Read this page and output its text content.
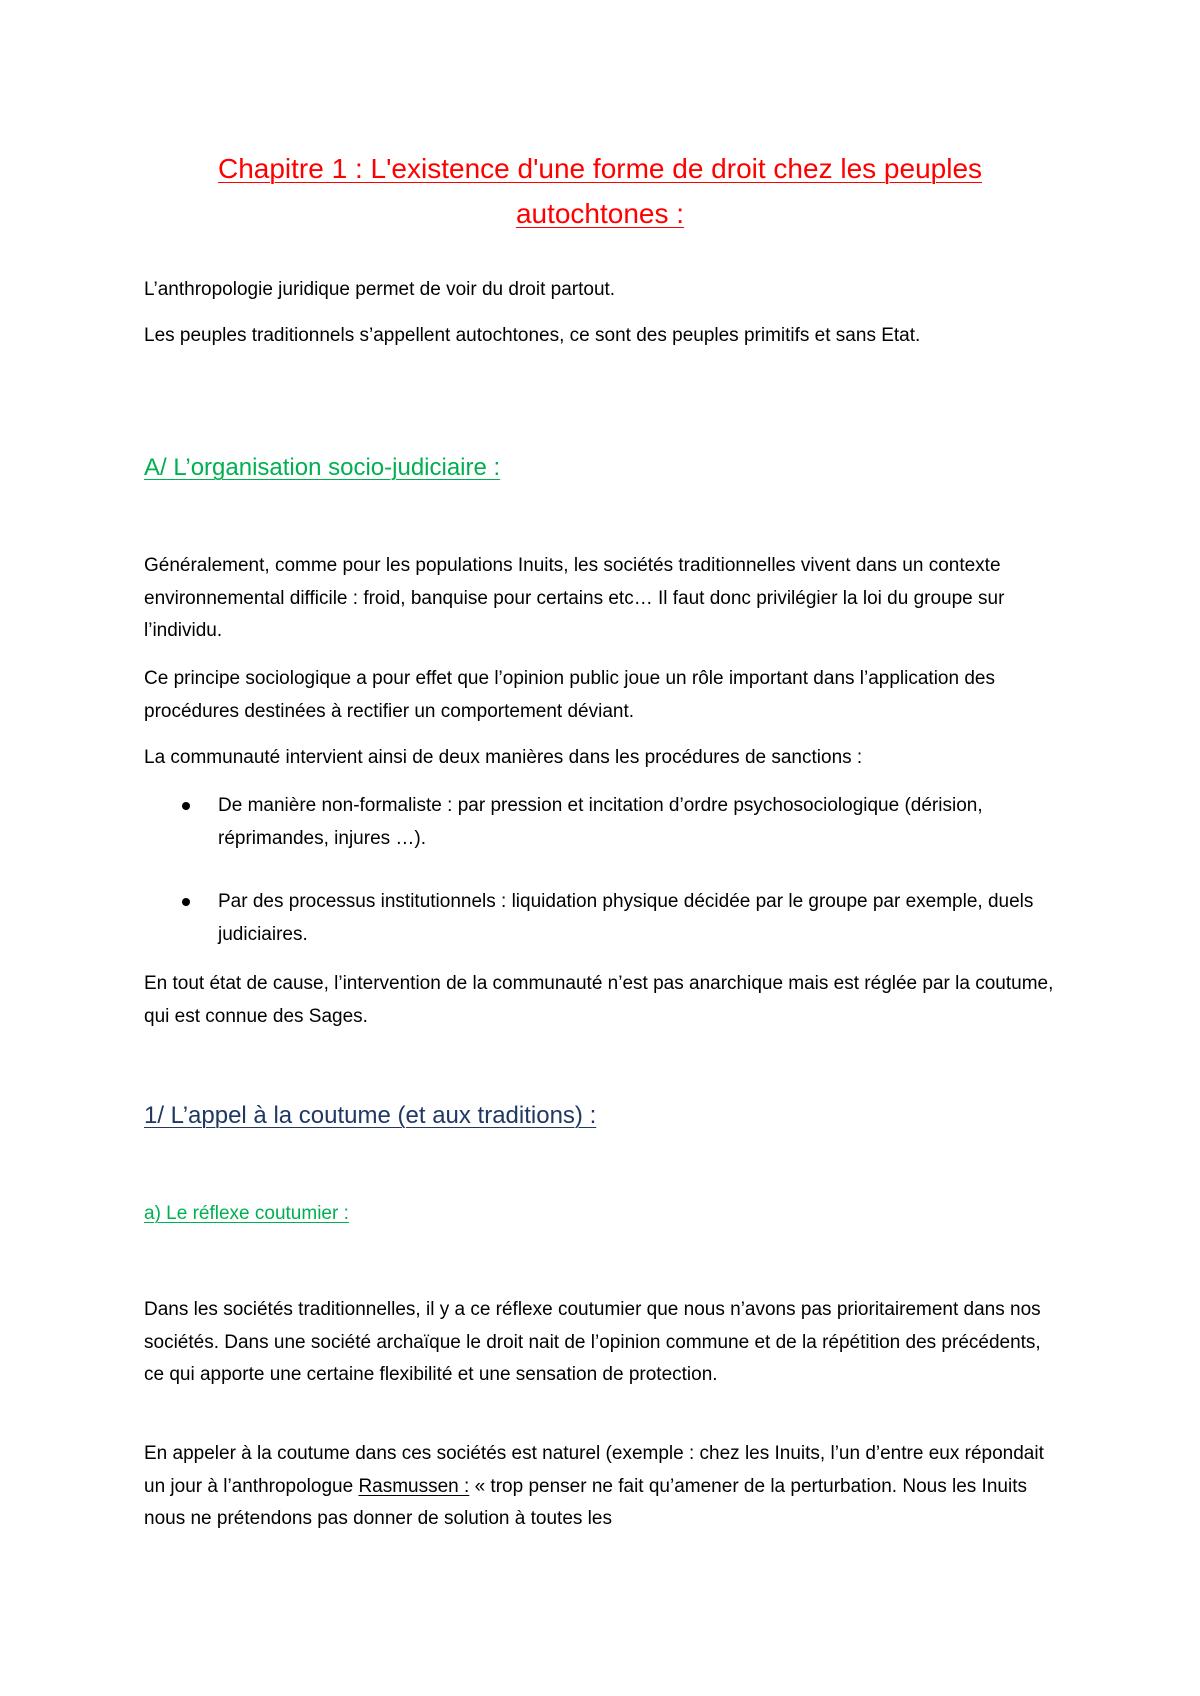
Chapitre 1 : L'existence d'une forme de droit chez les peuples autochtones :
L’anthropologie juridique permet de voir du droit partout.
Les peuples traditionnels s’appellent autochtones, ce sont des peuples primitifs et sans Etat.
A/ L’organisation socio-judiciaire :
Généralement, comme pour les populations Inuits, les sociétés traditionnelles vivent dans un contexte environnemental difficile : froid, banquise pour certains etc… Il faut donc privilégier la loi du groupe sur l’individu.
Ce principe sociologique a pour effet que l’opinion public joue un rôle important dans l’application des procédures destinées à rectifier un comportement déviant.
La communauté intervient ainsi de deux manières dans les procédures de sanctions :
De manière non-formaliste : par pression et incitation d’ordre psychosociologique (dérision, réprimandes, injures …).
Par des processus institutionnels : liquidation physique décidée par le groupe par exemple, duels judiciaires.
En tout état de cause, l’intervention de la communauté n’est pas anarchique mais est réglée par la coutume, qui est connue des Sages.
1/ L’appel à la coutume (et aux traditions) :
a) Le réflexe coutumier :
Dans les sociétés traditionnelles, il y a ce réflexe coutumier que nous n’avons pas prioritairement dans nos sociétés. Dans une société archaïque le droit nait de l’opinion commune et de la répétition des précédents, ce qui apporte une certaine flexibilité et une sensation de protection.
En appeler à la coutume dans ces sociétés est naturel (exemple : chez les Inuits, l’un d’entre eux répondait un jour à l’anthropologue Rasmussen : « trop penser ne fait qu’amener de la perturbation. Nous les Inuits nous ne prétendons pas donner de solution à toutes les
